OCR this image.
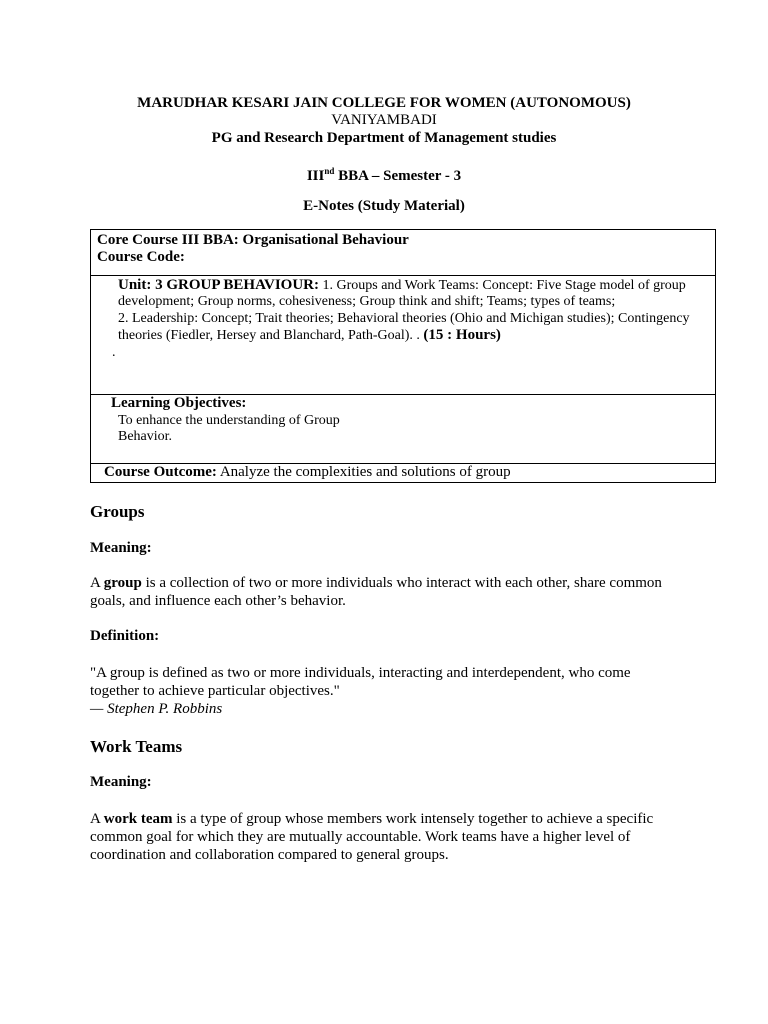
MARUDHAR KESARI JAIN COLLEGE FOR WOMEN (AUTONOMOUS)
VANIYAMBADI
PG and Research Department of Management studies
IIInd BBA – Semester - 3
E-Notes (Study Material)
Core Course III BBA: Organisational Behaviour
Course Code:
Unit: 3 GROUP BEHAVIOUR: 1. Groups and Work Teams: Concept: Five Stage model of group
development; Group norms, cohesiveness; Group think and shift; Teams; types of teams;
2. Leadership: Concept; Trait theories; Behavioral theories (Ohio and Michigan studies); Contingency
theories (Fiedler, Hersey and Blanchard, Path-Goal). . (15 : Hours)
.
Learning Objectives:
To enhance the understanding of Group
Behavior.
Course Outcome: Analyze the complexities and solutions of group
Groups
Meaning:
A group is a collection of two or more individuals who interact with each other, share common
goals, and influence each other’s behavior.
Definition:
"A group is defined as two or more individuals, interacting and interdependent, who come
together to achieve particular objectives."
— Stephen P. Robbins
Work Teams
Meaning:
A work team is a type of group whose members work intensely together to achieve a specific
common goal for which they are mutually accountable. Work teams have a higher level of
coordination and collaboration compared to general groups.
